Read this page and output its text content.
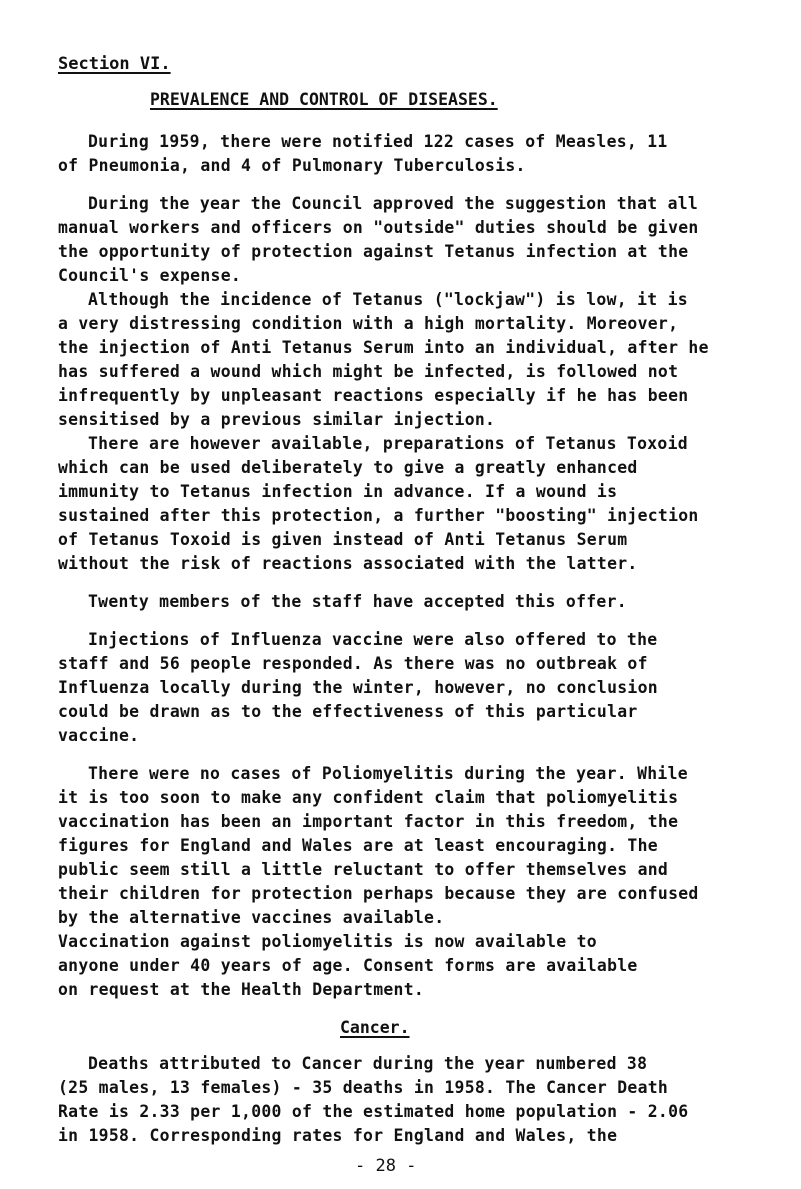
Section VI.
PREVALENCE AND CONTROL OF DISEASES.
During 1959, there were notified 122 cases of Measles, 11
of Pneumonia, and 4 of Pulmonary Tuberculosis.
During the year the Council approved the suggestion that all
manual workers and officers on "outside" duties should be given
the opportunity of protection against Tetanus infection at the
Council's expense.
Although the incidence of Tetanus ("lockjaw") is low, it is
a very distressing condition with a high mortality. Moreover,
the injection of Anti Tetanus Serum into an individual, after he
has suffered a wound which might be infected, is followed not
infrequently by unpleasant reactions especially if he has been
sensitised by a previous similar injection.
There are however available, preparations of Tetanus Toxoid
which can be used deliberately to give a greatly enhanced
immunity to Tetanus infection in advance. If a wound is
sustained after this protection, a further "boosting" injection
of Tetanus Toxoid is given instead of Anti Tetanus Serum
without the risk of reactions associated with the latter.
Twenty members of the staff have accepted this offer.
Injections of Influenza vaccine were also offered to the
staff and 56 people responded. As there was no outbreak of
Influenza locally during the winter, however, no conclusion
could be drawn as to the effectiveness of this particular
vaccine.
There were no cases of Poliomyelitis during the year. While
it is too soon to make any confident claim that poliomyelitis
vaccination has been an important factor in this freedom, the
figures for England and Wales are at least encouraging. The
public seem still a little reluctant to offer themselves and
their children for protection perhaps because they are confused
by the alternative vaccines available.
Vaccination against poliomyelitis is now available to
anyone under 40 years of age. Consent forms are available
on request at the Health Department.
Cancer.
Deaths attributed to Cancer during the year numbered 38
(25 males, 13 females) - 35 deaths in 1958. The Cancer Death
Rate is 2.33 per 1,000 of the estimated home population - 2.06
- 28 -
in 1958. Corresponding rates for England and Wales, the
